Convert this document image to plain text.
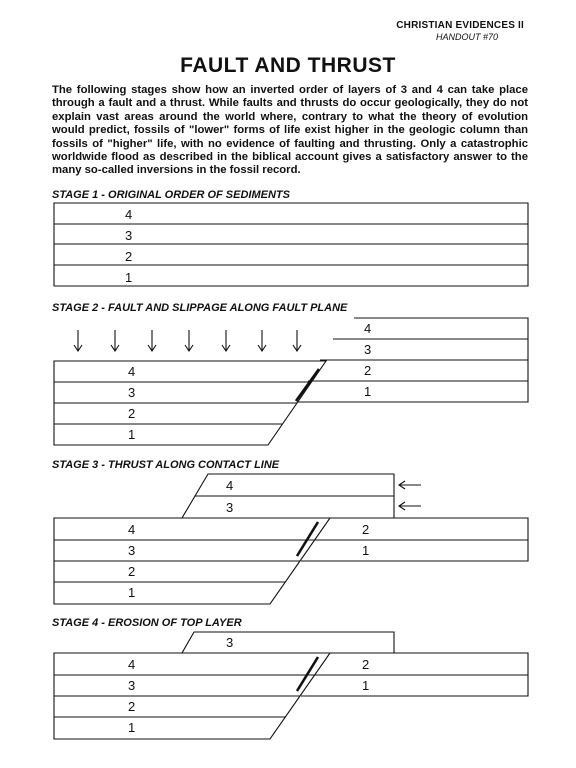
CHRISTIAN EVIDENCES II
HANDOUT #70
FAULT AND THRUST
The following stages show how an inverted order of layers of 3 and 4 can take place through a fault and a thrust. While faults and thrusts do occur geologically, they do not explain vast areas around the world where, contrary to what the theory of evolution would predict, fossils of "lower" forms of life exist higher in the geologic column than fossils of "higher" life, with no evidence of faulting and thrusting. Only a catastrophic worldwide flood as described in the biblical account gives a satisfactory answer to the many so-called inversions in the fossil record.
STAGE 1 - ORIGINAL ORDER OF SEDIMENTS
STAGE 2 - FAULT AND SLIPPAGE ALONG FAULT PLANE
STAGE 3 - THRUST ALONG CONTACT LINE
STAGE 4 - EROSION OF TOP LAYER
4
3
2
1
4
3
2
1
4
3
2
1
4
3
4
3
2
1
2
1
3
4
3
2
1
2
1
